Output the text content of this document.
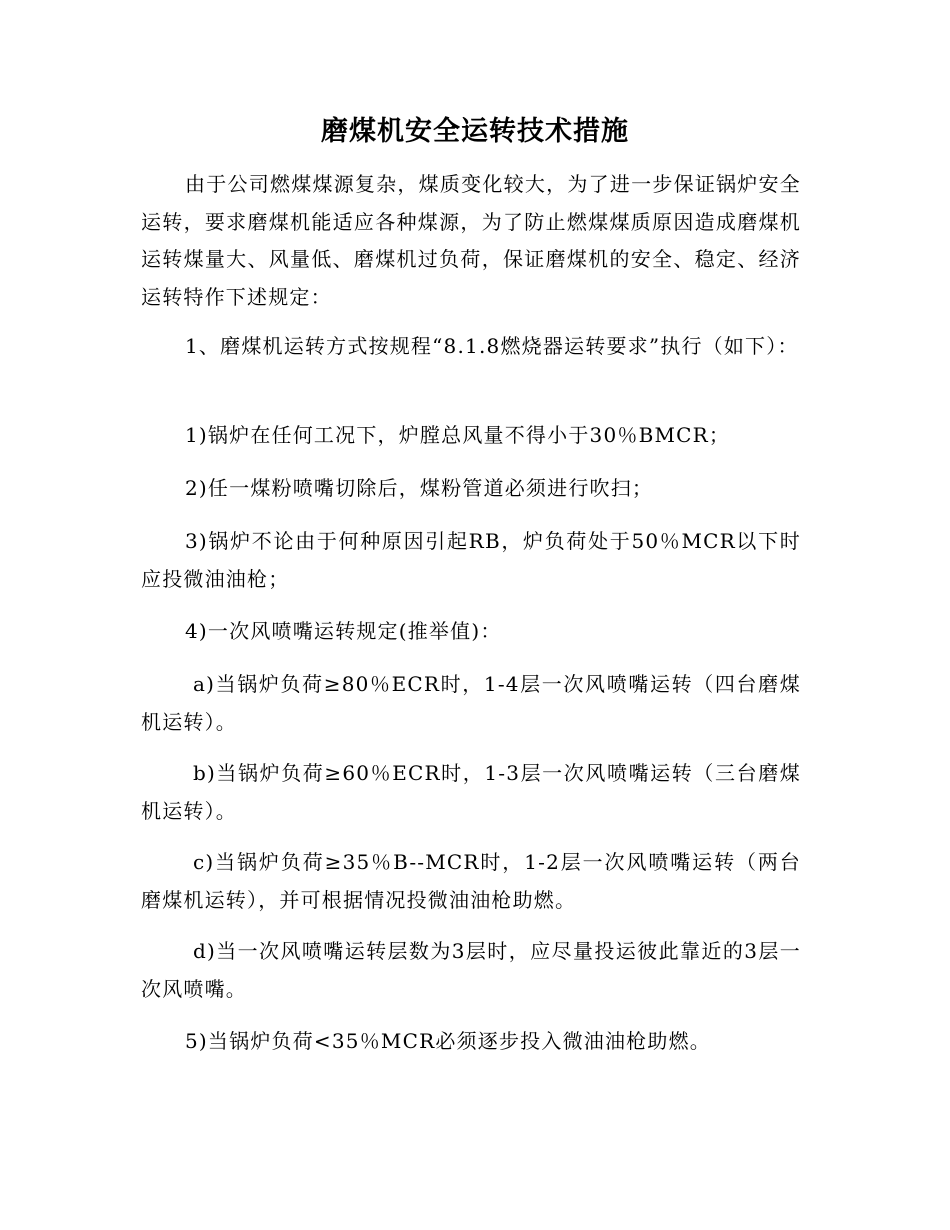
磨煤机安全运转技术措施

由于公司燃煤煤源复杂，煤质变化较大，为了进一步保证锅炉安全运转，要求磨煤机能适应各种煤源，为了防止燃煤煤质原因造成磨煤机运转煤量大、风量低、磨煤机过负荷，保证磨煤机的安全、稳定、经济运转特作下述规定：

1、磨煤机运转方式按规程“8.1.8燃烧器运转要求”执行（如下）：

1)锅炉在任何工况下，炉膛总风量不得小于30％BMCR；

2)任一煤粉喷嘴切除后，煤粉管道必须进行吹扫；

3)锅炉不论由于何种原因引起RB，炉负荷处于50％MCR以下时应投微油油枪；

4)一次风喷嘴运转规定(推举值)：

a)当锅炉负荷≥80％ECR时，1-4层一次风喷嘴运转（四台磨煤机运转）。

b)当锅炉负荷≥60％ECR时，1-3层一次风喷嘴运转（三台磨煤机运转）。

c)当锅炉负荷≥35％B--MCR时，1-2层一次风喷嘴运转（两台磨煤机运转），并可根据情况投微油油枪助燃。

d)当一次风喷嘴运转层数为3层时，应尽量投运彼此靠近的3层一次风喷嘴。

5)当锅炉负荷<35％MCR必须逐步投入微油油枪助燃。
